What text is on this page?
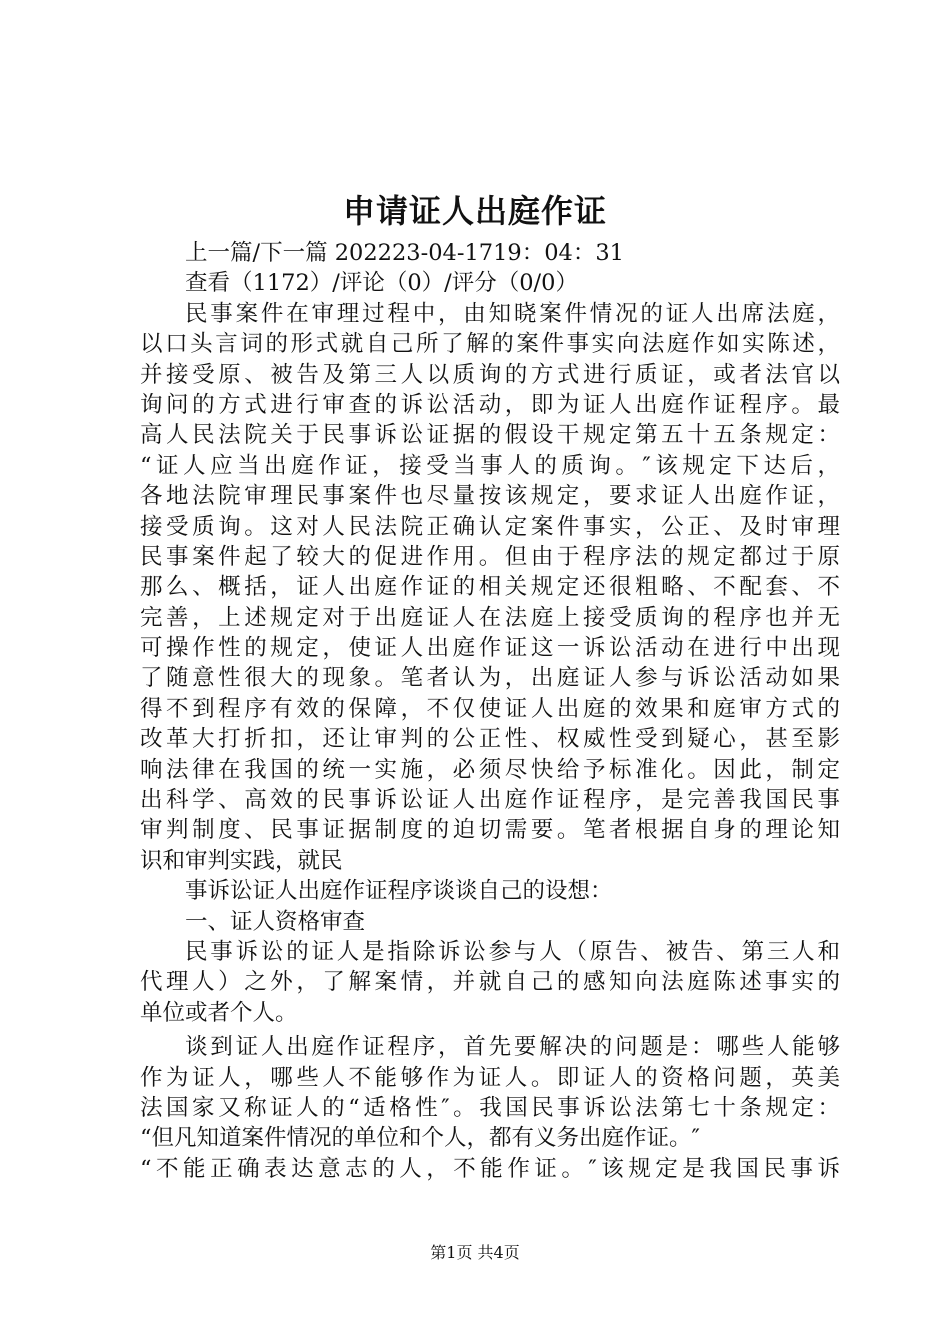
申请证人出庭作证
上一篇/下一篇 202223-04-1719：04：31
查看（1172）/评论（0）/评分（0/0）
民事案件在审理过程中，由知晓案件情况的证人出席法庭，
以口头言词的形式就自己所了解的案件事实向法庭作如实陈述，
并接受原、被告及第三人以质询的方式进行质证，或者法官以
询问的方式进行审查的诉讼活动，即为证人出庭作证程序。最
高人民法院关于民事诉讼证据的假设干规定第五十五条规定：
“证人应当出庭作证，接受当事人的质询。″该规定下达后，
各地法院审理民事案件也尽量按该规定，要求证人出庭作证，
接受质询。这对人民法院正确认定案件事实，公正、及时审理
民事案件起了较大的促进作用。但由于程序法的规定都过于原
那么、概括，证人出庭作证的相关规定还很粗略、不配套、不
完善，上述规定对于出庭证人在法庭上接受质询的程序也并无
可操作性的规定，使证人出庭作证这一诉讼活动在进行中出现
了随意性很大的现象。笔者认为，出庭证人参与诉讼活动如果
得不到程序有效的保障，不仅使证人出庭的效果和庭审方式的
改革大打折扣，还让审判的公正性、权威性受到疑心，甚至影
响法律在我国的统一实施，必须尽快给予标准化。因此，制定
出科学、高效的民事诉讼证人出庭作证程序，是完善我国民事
审判制度、民事证据制度的迫切需要。笔者根据自身的理论知
识和审判实践，就民
事诉讼证人出庭作证程序谈谈自己的设想：
一、证人资格审查
民事诉讼的证人是指除诉讼参与人（原告、被告、第三人和
代理人）之外，了解案情，并就自己的感知向法庭陈述事实的
单位或者个人。
谈到证人出庭作证程序，首先要解决的问题是：哪些人能够
作为证人，哪些人不能够作为证人。即证人的资格问题，英美
法国家又称证人的“适格性″。我国民事诉讼法第七十条规定：
“但凡知道案件情况的单位和个人，都有义务出庭作证。″
“不能正确表达意志的人，不能作证。″该规定是我国民事诉
第1页 共4页
